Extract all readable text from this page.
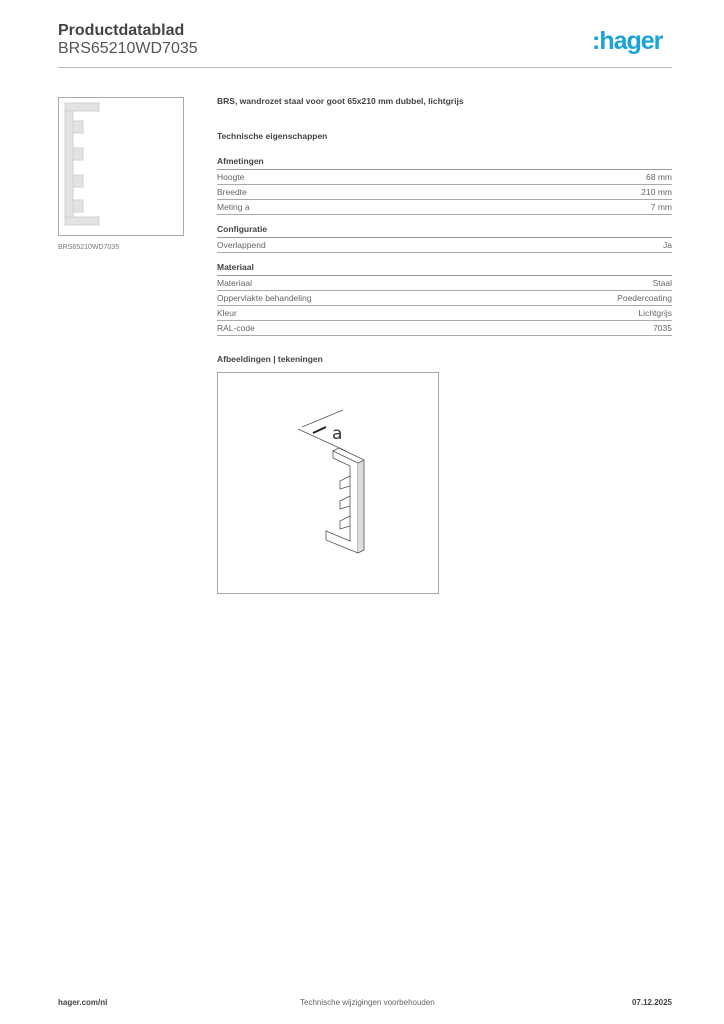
Productdatablad
BRS65210WD7035	:hager
BRS65210WD7035
BRS, wandrozet staal voor goot 65x210 mm dubbel, lichtgrijs
Technische eigenschappen
Afmetingen
Hoogte	68 mm
Breedte	210 mm
Meting a	7 mm
Configuratie
Overlappend	Ja
Materiaal
Materiaal	Staal
Oppervlakte behandeling	Poedercoating
Kleur	Lichtgrijs
RAL-code	7035
Afbeeldingen | tekeningen
a
hager.com/nl	Technische wijzigingen voorbehouden	07.12.2025
